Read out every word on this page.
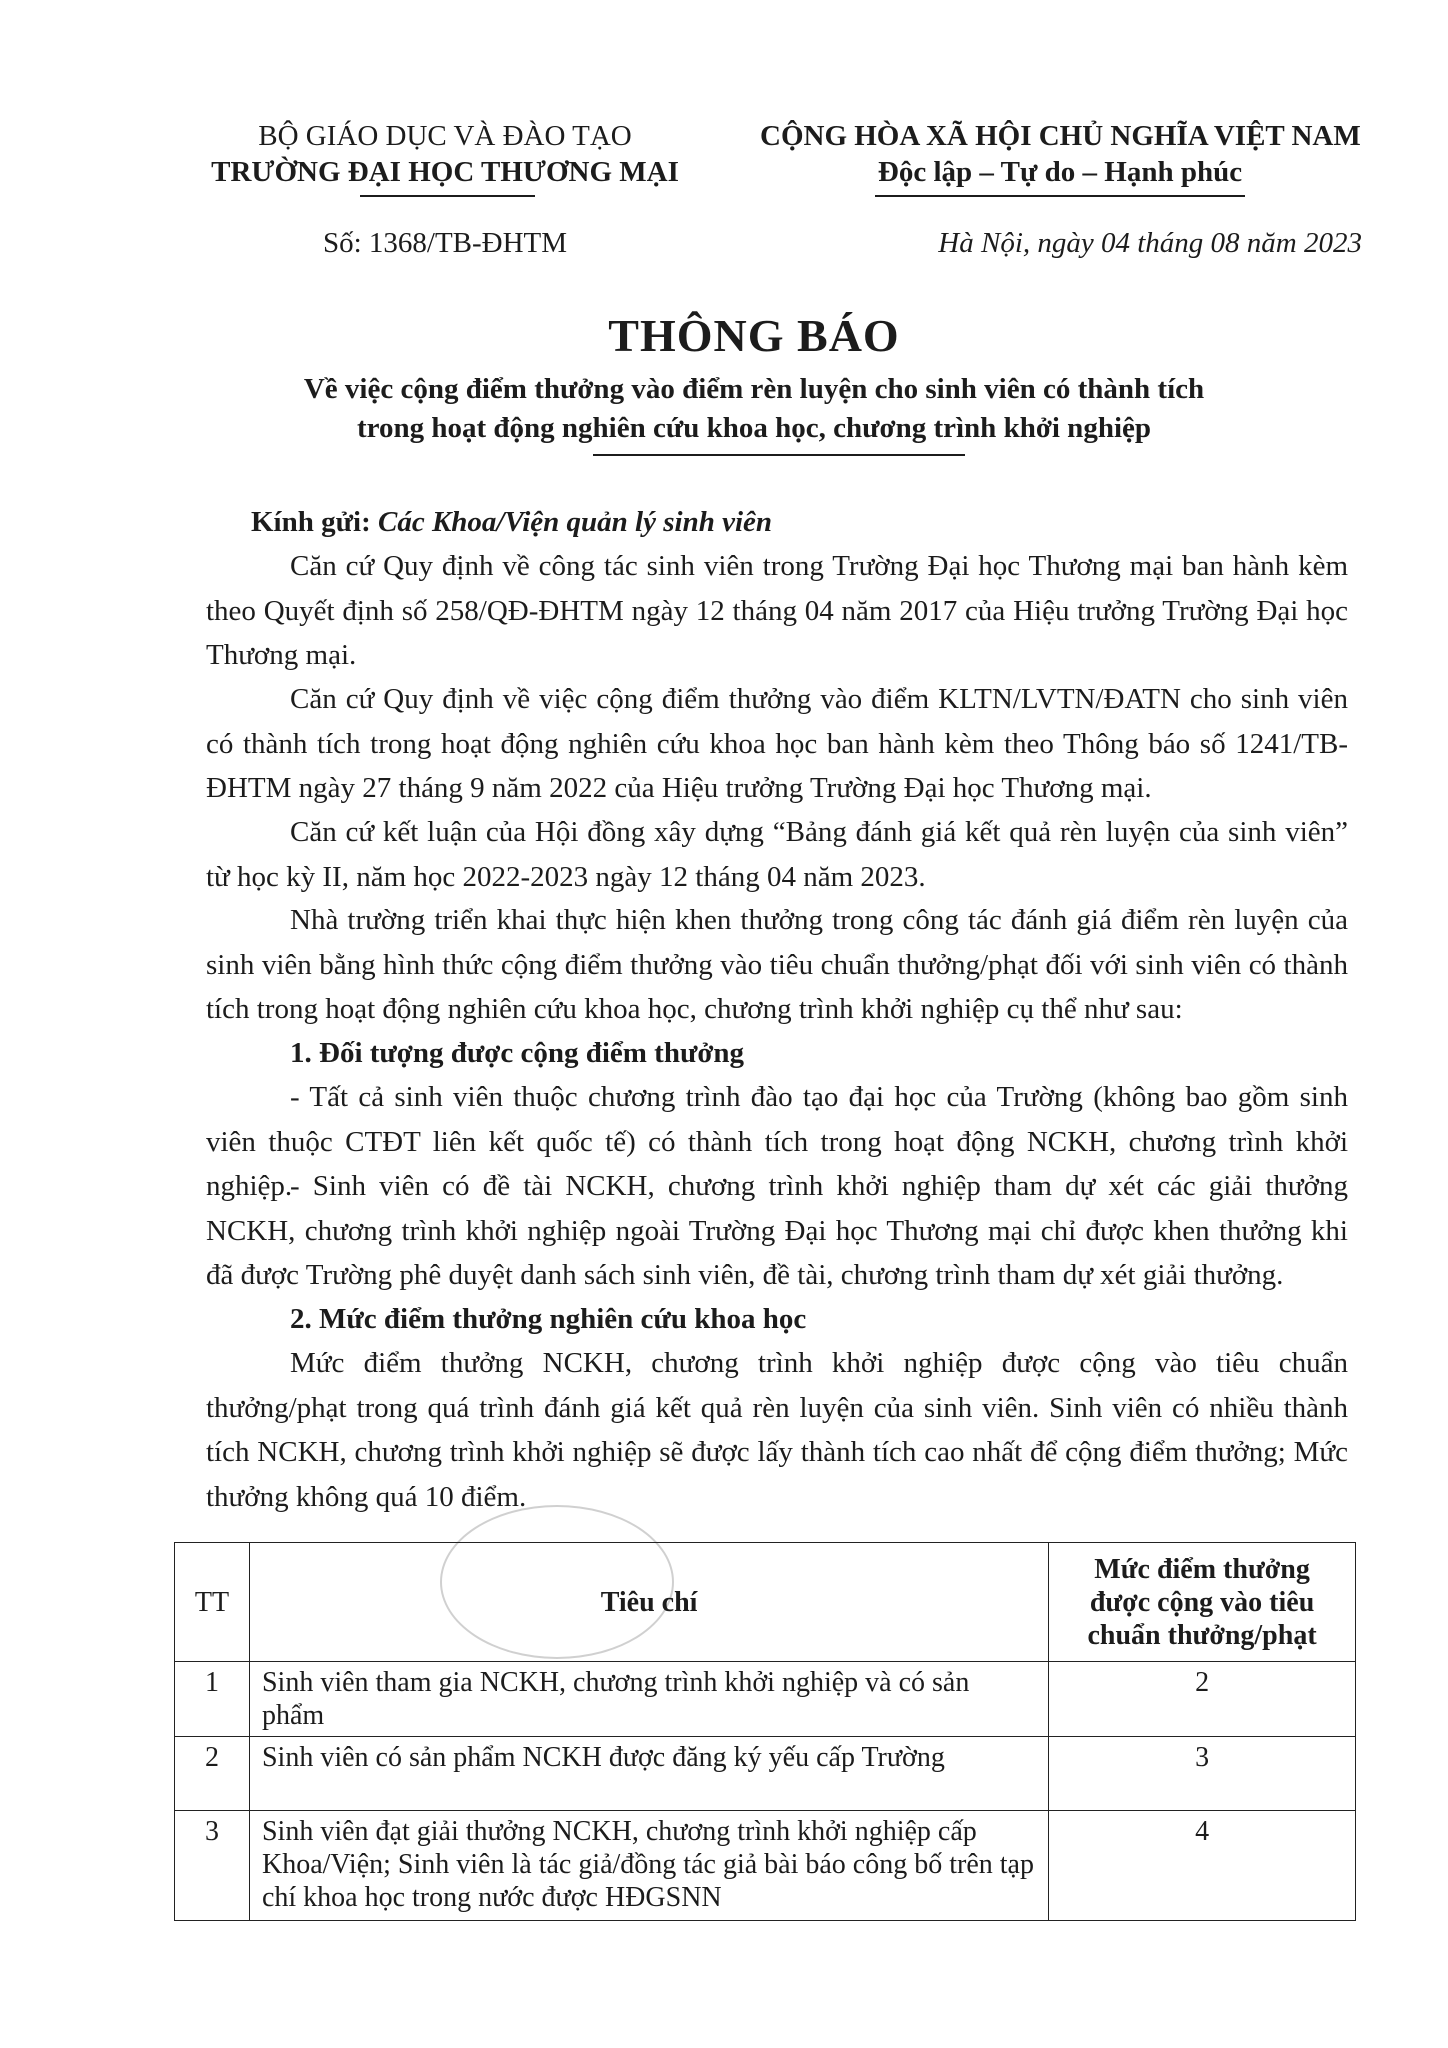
BỘ GIÁO DỤC VÀ ĐÀO TẠO
TRƯỜNG ĐẠI HỌC THƯƠNG MẠI
Số: 1368/TB-ĐHTM
CỘNG HÒA XÃ HỘI CHỦ NGHĨA VIỆT NAM
Độc lập – Tự do – Hạnh phúc
Hà Nội, ngày 04 tháng 08 năm 2023
THÔNG BÁO
Về việc cộng điểm thưởng vào điểm rèn luyện cho sinh viên có thành tích
trong hoạt động nghiên cứu khoa học, chương trình khởi nghiệp
Kính gửi: Các Khoa/Viện quản lý sinh viên
Căn cứ Quy định về công tác sinh viên trong Trường Đại học Thương mại ban hành kèm theo Quyết định số 258/QĐ-ĐHTM ngày 12 tháng 04 năm 2017 của Hiệu trưởng Trường Đại học Thương mại.
Căn cứ Quy định về việc cộng điểm thưởng vào điểm KLTN/LVTN/ĐATN cho sinh viên có thành tích trong hoạt động nghiên cứu khoa học ban hành kèm theo Thông báo số 1241/TB-ĐHTM ngày 27 tháng 9 năm 2022 của Hiệu trưởng Trường Đại học Thương mại.
Căn cứ kết luận của Hội đồng xây dựng “Bảng đánh giá kết quả rèn luyện của sinh viên” từ học kỳ II, năm học 2022-2023 ngày 12 tháng 04 năm 2023.
Nhà trường triển khai thực hiện khen thưởng trong công tác đánh giá điểm rèn luyện của sinh viên bằng hình thức cộng điểm thưởng vào tiêu chuẩn thưởng/phạt đối với sinh viên có thành tích trong hoạt động nghiên cứu khoa học, chương trình khởi nghiệp cụ thể như sau:
1. Đối tượng được cộng điểm thưởng
- Tất cả sinh viên thuộc chương trình đào tạo đại học của Trường (không bao gồm sinh viên thuộc CTĐT liên kết quốc tế) có thành tích trong hoạt động NCKH, chương trình khởi nghiệp.
- Sinh viên có đề tài NCKH, chương trình khởi nghiệp tham dự xét các giải thưởng NCKH, chương trình khởi nghiệp ngoài Trường Đại học Thương mại chỉ được khen thưởng khi đã được Trường phê duyệt danh sách sinh viên, đề tài, chương trình tham dự xét giải thưởng.
2. Mức điểm thưởng nghiên cứu khoa học
Mức điểm thưởng NCKH, chương trình khởi nghiệp được cộng vào tiêu chuẩn thưởng/phạt trong quá trình đánh giá kết quả rèn luyện của sinh viên. Sinh viên có nhiều thành tích NCKH, chương trình khởi nghiệp sẽ được lấy thành tích cao nhất để cộng điểm thưởng; Mức thưởng không quá 10 điểm.
TT	Tiêu chí	Mức điểm thưởng được cộng vào tiêu chuẩn thưởng/phạt
1	Sinh viên tham gia NCKH, chương trình khởi nghiệp và có sản phẩm	2
2	Sinh viên có sản phẩm NCKH được đăng ký yếu cấp Trường	3
3	Sinh viên đạt giải thưởng NCKH, chương trình khởi nghiệp cấp Khoa/Viện; Sinh viên là tác giả/đồng tác giả bài báo công bố trên tạp chí khoa học trong nước được HĐGSNN	4
